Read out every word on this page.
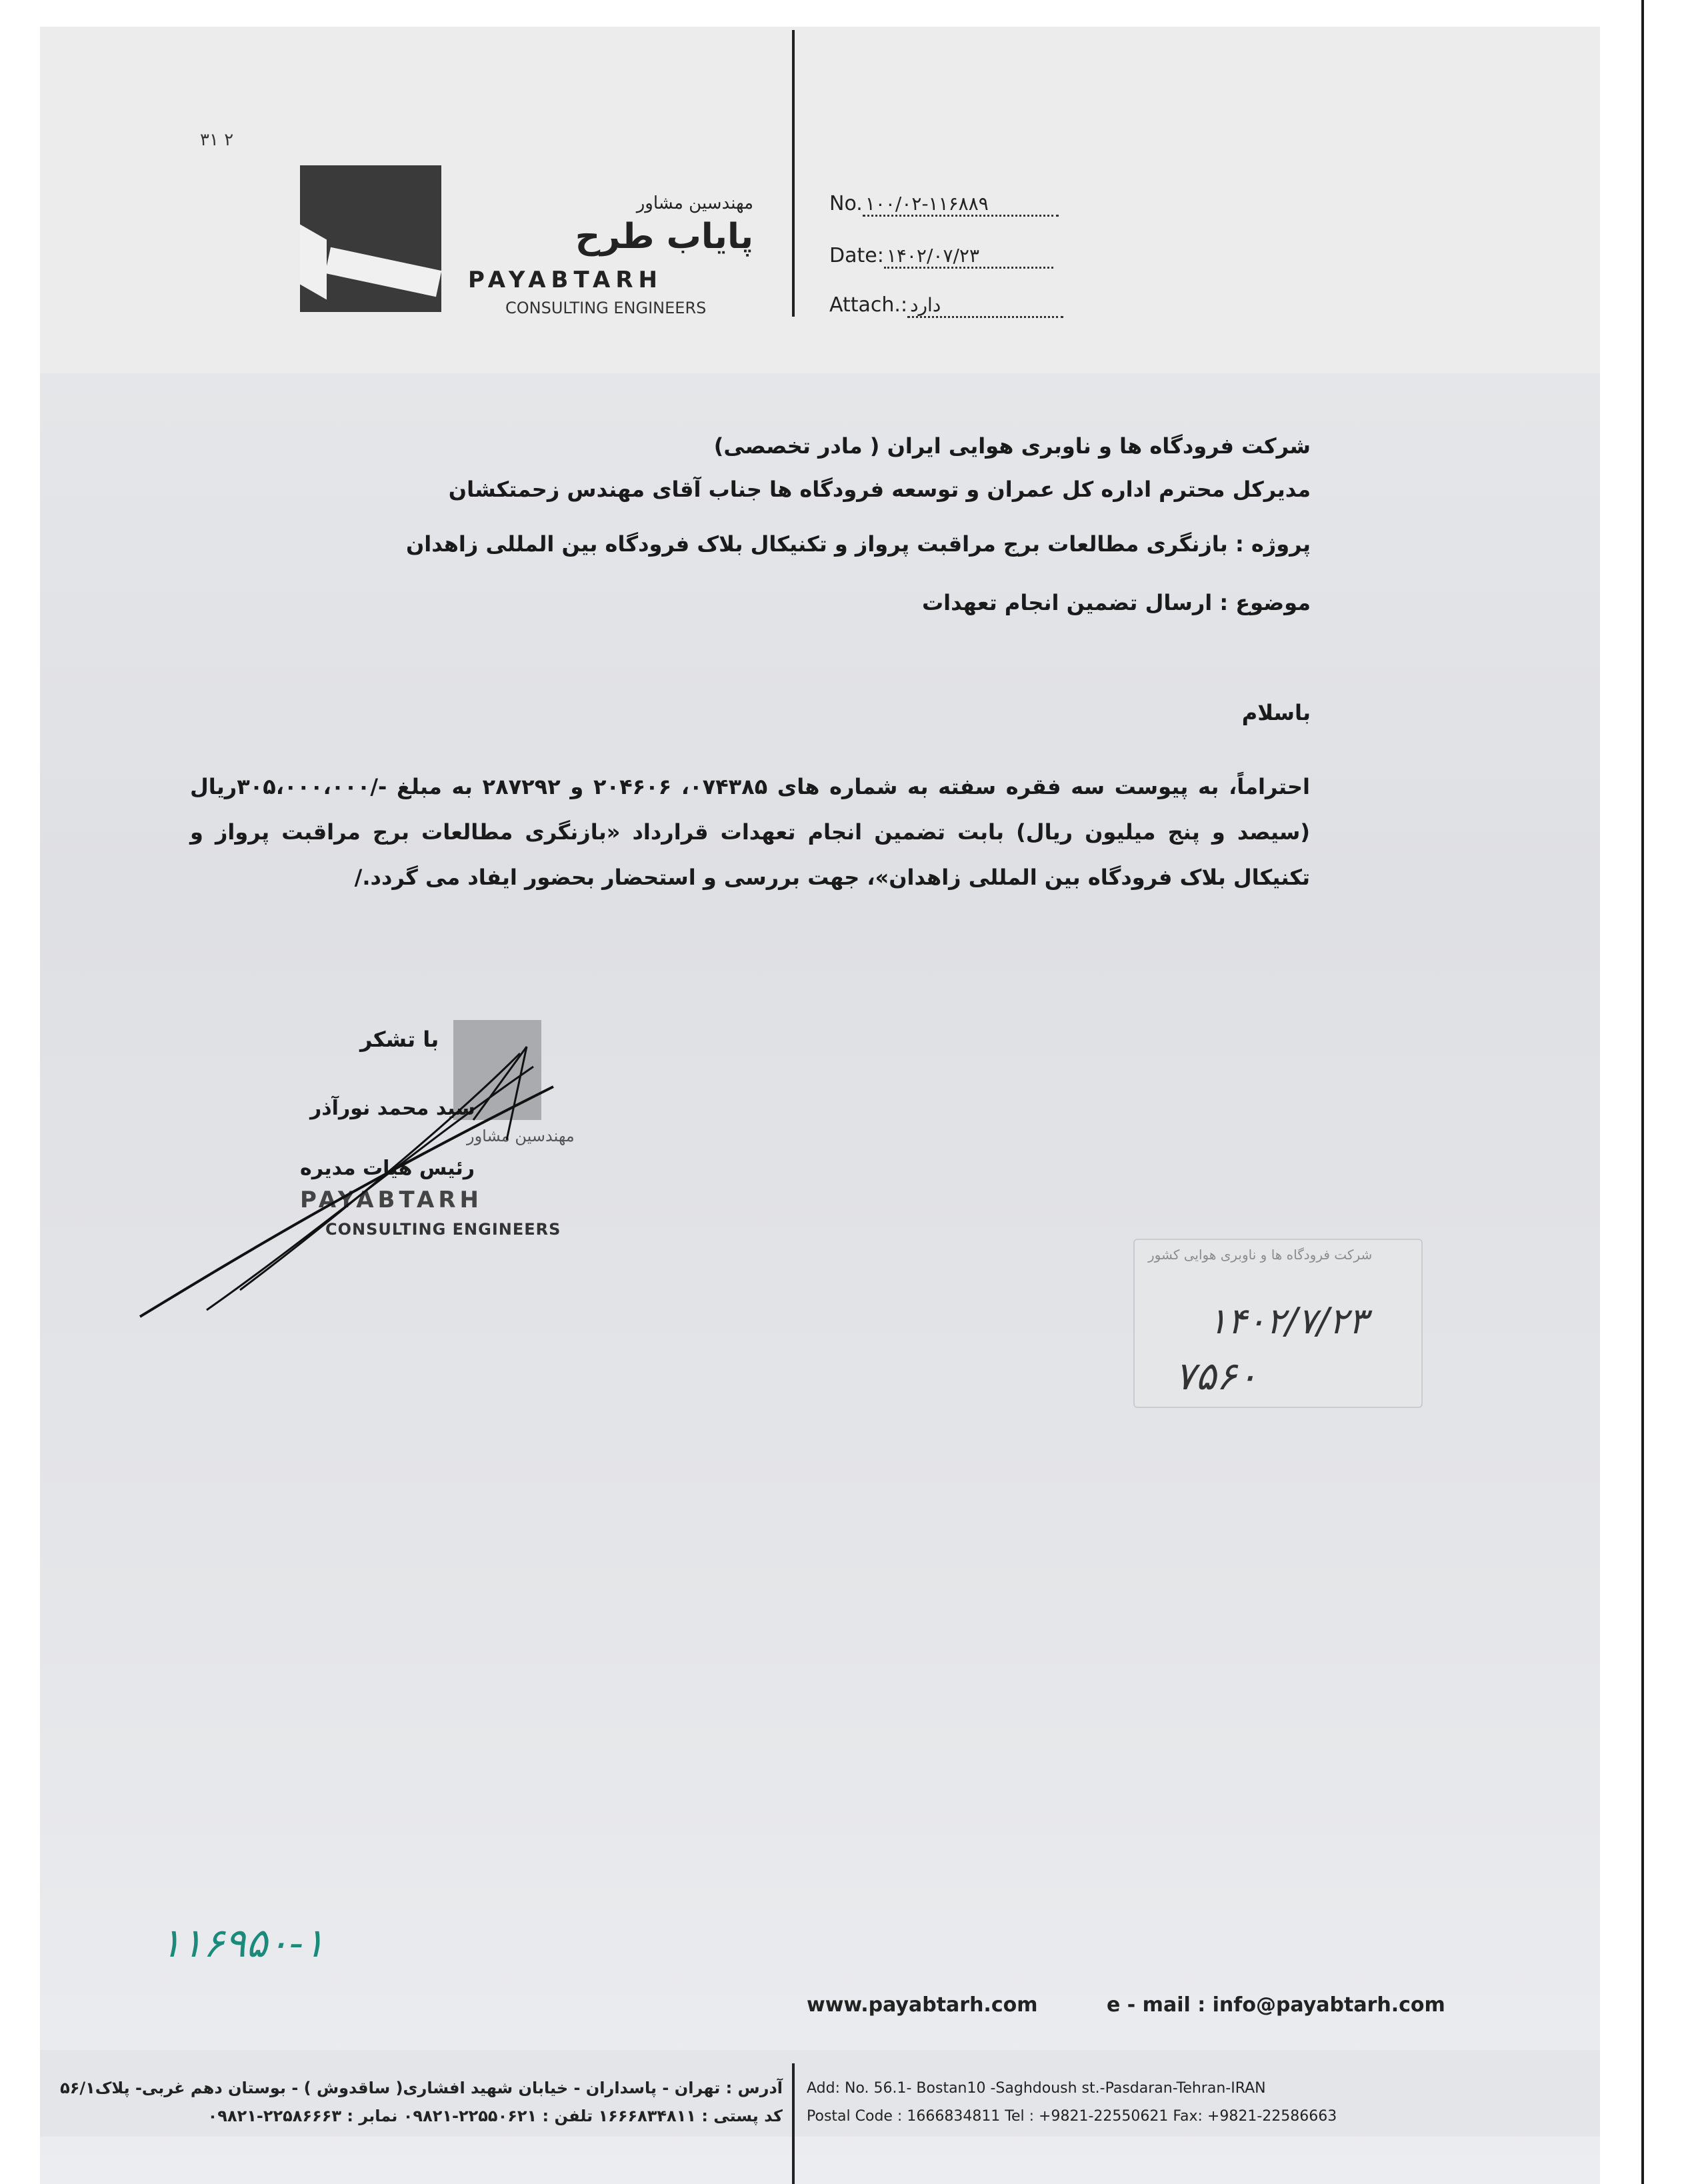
۳۱ ۲
مهندسین مشاور
پایاب طرح
PAYABTARH
CONSULTING ENGINEERS
No. ۱۰۰/۰۲-۱۱۶۸۸۹
Date: ۱۴۰۲/۰۷/۲۳
Attach.: دارد
شرکت فرودگاه ها و ناوبری هوایی ایران ( مادر تخصصی)
مدیرکل محترم اداره کل عمران و توسعه فرودگاه ها جناب آقای مهندس زحمتکشان
پروژه : بازنگری مطالعات برج مراقبت پرواز و تکنیکال بلاک فرودگاه بین المللی زاهدان
موضوع : ارسال تضمین انجام تعهدات
باسلام
احتراماً، به پیوست سه فقره سفته به شماره های ۰۷۴۳۸۵، ۲۰۴۶۰۶ و ۲۸۷۲۹۲ به مبلغ -/۳۰۵،۰۰۰،۰۰۰ریال (سیصد و پنج میلیون ریال) بابت تضمین انجام تعهدات قرارداد «بازنگری مطالعات برج مراقبت پرواز و تکنیکال بلاک فرودگاه بین المللی زاهدان»، جهت بررسی و استحضار بحضور ایفاد می گردد./
با تشکر
سید محمد نورآذر
مهندسین مشاور
رئیس هیات مدیره
PAYABTARH
CONSULTING ENGINEERS
شرکت فرودگاه ها و ناوبری هوایی کشور
۱۴۰۲/۷/۲۳
۷۵۶۰
۱۱۶۹۵۰-۱
www.payabtarh.com	e - mail : info@payabtarh.com
آدرس : تهران - پاسداران - خیابان شهید افشاری( ساقدوش ) - بوستان دهم غربی- پلاک۵۶/۱
کد پستی : ۱۶۶۶۸۳۴۸۱۱ تلفن : ۲۲۵۵۰۶۲۱-۰۹۸۲۱ نمابر : ۲۲۵۸۶۶۶۳-۰۹۸۲۱
Add: No. 56.1- Bostan10 -Saghdoush st.-Pasdaran-Tehran-IRAN
Postal Code : 1666834811 Tel : +9821-22550621 Fax: +9821-22586663
